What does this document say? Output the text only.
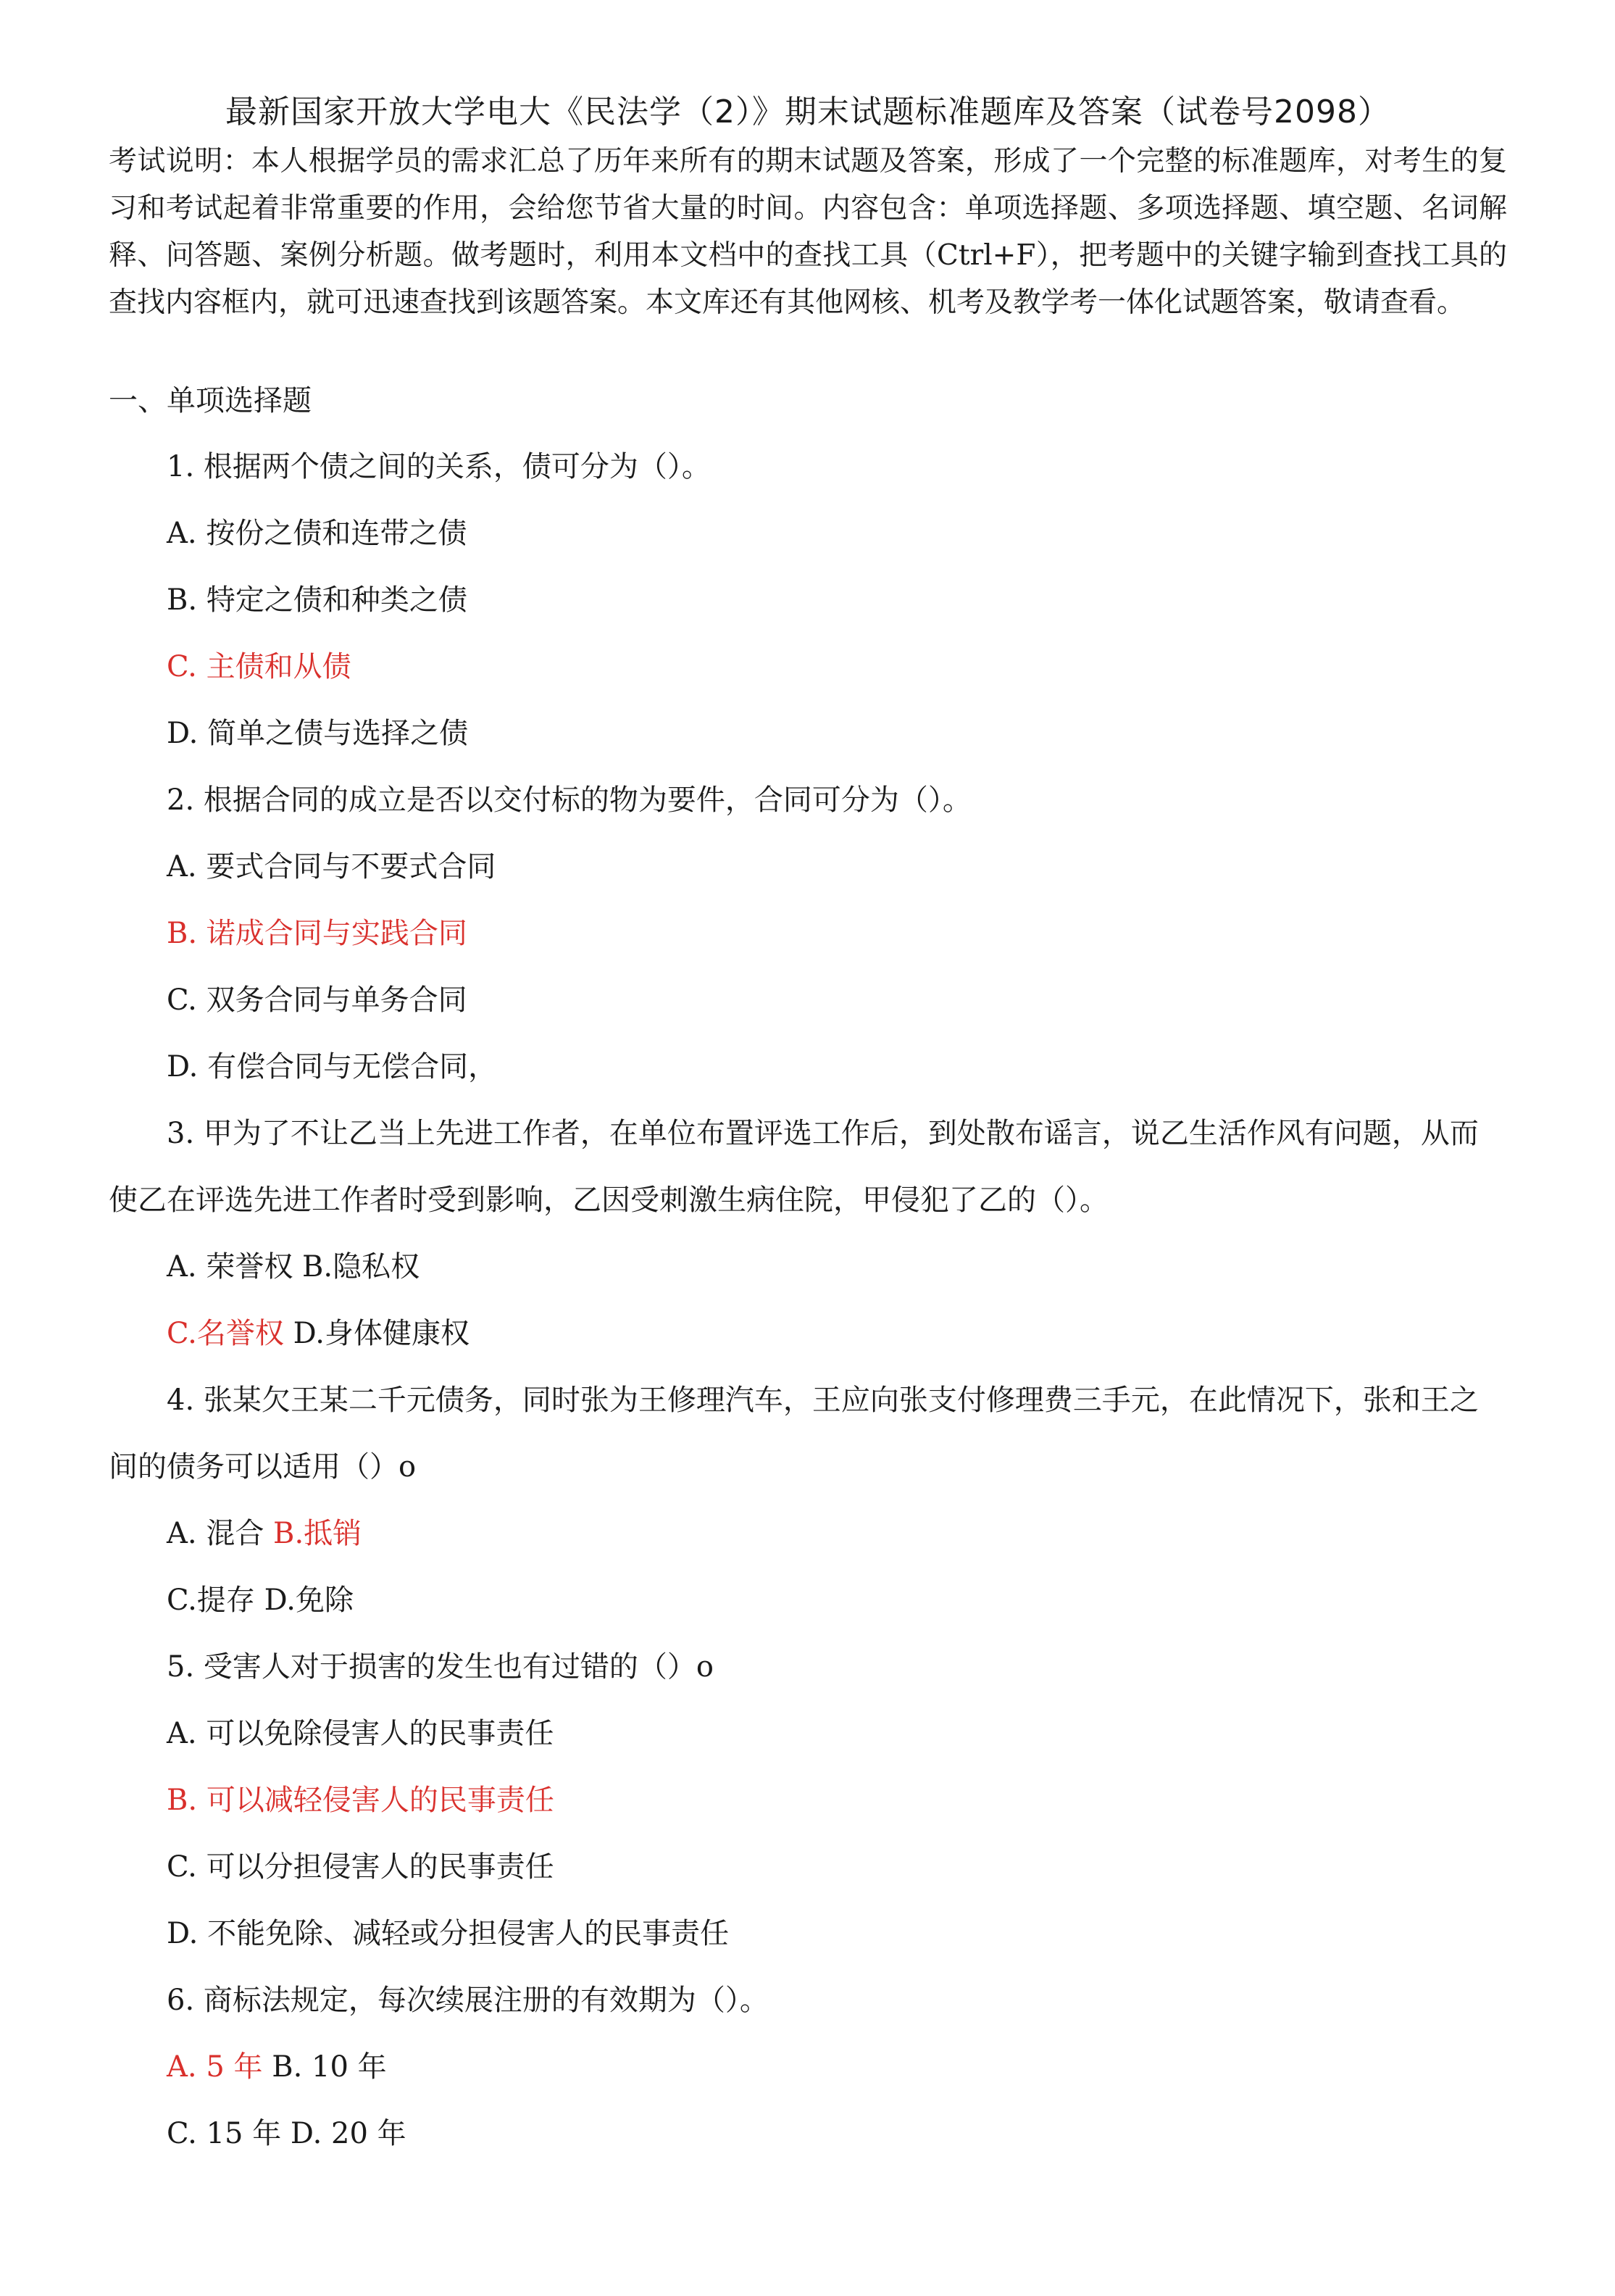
最新国家开放大学电大《民法学（2）》期末试题标准题库及答案（试卷号2098）
考试说明：本人根据学员的需求汇总了历年来所有的期末试题及答案，形成了一个完整的标准题库，对考生的复习和考试起着非常重要的作用，会给您节省大量的时间。内容包含：单项选择题、多项选择题、填空题、名词解释、问答题、案例分析题。做考题时，利用本文档中的查找工具（Ctrl+F），把考题中的关键字输到查找工具的查找内容框内，就可迅速查找到该题答案。本文库还有其他网核、机考及教学考一体化试题答案，敬请查看。
一、单项选择题
1. 根据两个债之间的关系，债可分为（）。
A. 按份之债和连带之债
B. 特定之债和种类之债
C. 主债和从债
D. 简单之债与选择之债
2. 根据合同的成立是否以交付标的物为要件，合同可分为（）。
A. 要式合同与不要式合同
B. 诺成合同与实践合同
C. 双务合同与单务合同
D. 有偿合同与无偿合同，
3. 甲为了不让乙当上先进工作者，在单位布置评选工作后，到处散布谣言，说乙生活作风有问题，从而使乙在评选先进工作者时受到影响，乙因受刺激生病住院，甲侵犯了乙的（）。
A. 荣誉权 B.隐私权
C.名誉权 D.身体健康权
4. 张某欠王某二千元债务，同时张为王修理汽车，王应向张支付修理费三手元，在此情况下，张和王之间的债务可以适用（）o
A. 混合 B.抵销
C.提存 D.免除
5. 受害人对于损害的发生也有过错的（）o
A. 可以免除侵害人的民事责任
B. 可以减轻侵害人的民事责任
C. 可以分担侵害人的民事责任
D. 不能免除、减轻或分担侵害人的民事责任
6. 商标法规定，每次续展注册的有效期为（）。
A. 5 年 B. 10 年
C. 15 年 D. 20 年
